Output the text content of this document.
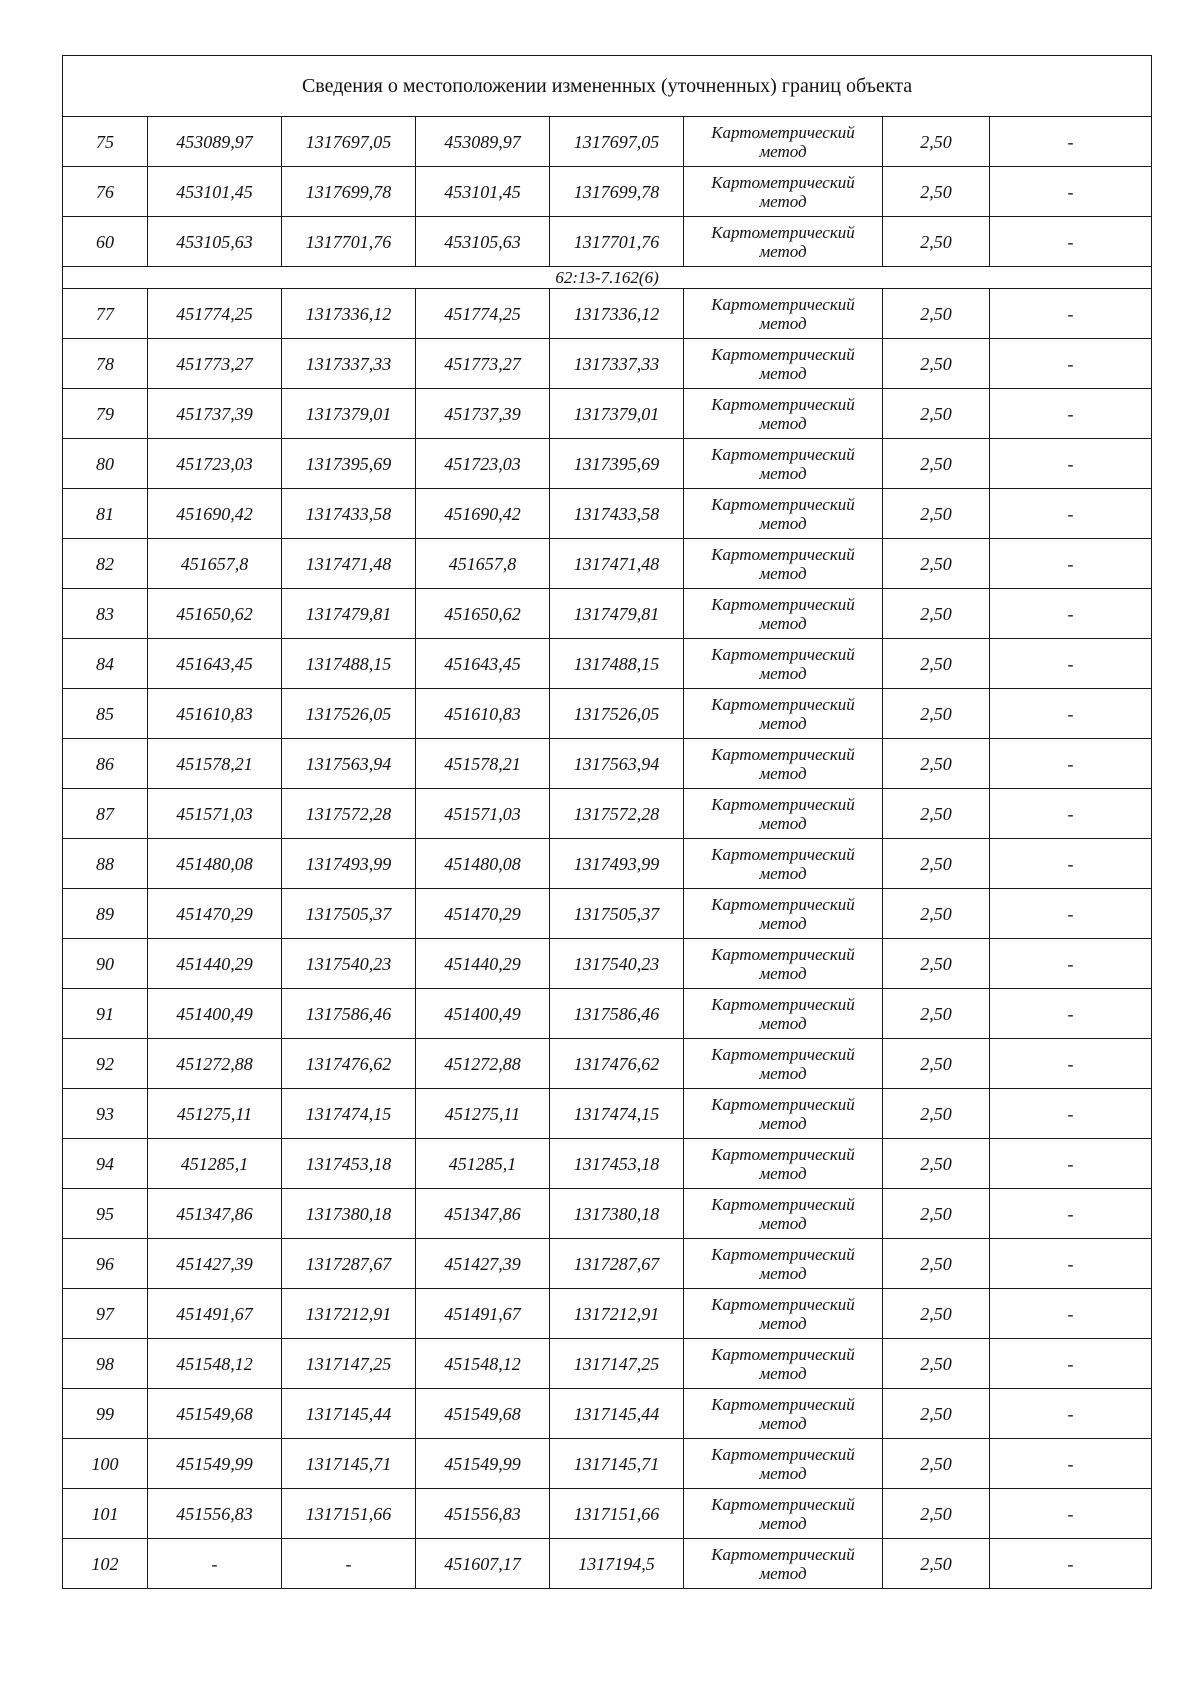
Сведения о местоположении измененных (уточненных) границ объекта							
75	453089,97	1317697,05	453089,97	1317697,05	Картометрический
метод	2,50	-
76	453101,45	1317699,78	453101,45	1317699,78	Картометрический
метод	2,50	-
60	453105,63	1317701,76	453105,63	1317701,76	Картометрический
метод	2,50	-
62:13-7.162(6)							
77	451774,25	1317336,12	451774,25	1317336,12	Картометрический
метод	2,50	-
78	451773,27	1317337,33	451773,27	1317337,33	Картометрический
метод	2,50	-
79	451737,39	1317379,01	451737,39	1317379,01	Картометрический
метод	2,50	-
80	451723,03	1317395,69	451723,03	1317395,69	Картометрический
метод	2,50	-
81	451690,42	1317433,58	451690,42	1317433,58	Картометрический
метод	2,50	-
82	451657,8	1317471,48	451657,8	1317471,48	Картометрический
метод	2,50	-
83	451650,62	1317479,81	451650,62	1317479,81	Картометрический
метод	2,50	-
84	451643,45	1317488,15	451643,45	1317488,15	Картометрический
метод	2,50	-
85	451610,83	1317526,05	451610,83	1317526,05	Картометрический
метод	2,50	-
86	451578,21	1317563,94	451578,21	1317563,94	Картометрический
метод	2,50	-
87	451571,03	1317572,28	451571,03	1317572,28	Картометрический
метод	2,50	-
88	451480,08	1317493,99	451480,08	1317493,99	Картометрический
метод	2,50	-
89	451470,29	1317505,37	451470,29	1317505,37	Картометрический
метод	2,50	-
90	451440,29	1317540,23	451440,29	1317540,23	Картометрический
метод	2,50	-
91	451400,49	1317586,46	451400,49	1317586,46	Картометрический
метод	2,50	-
92	451272,88	1317476,62	451272,88	1317476,62	Картометрический
метод	2,50	-
93	451275,11	1317474,15	451275,11	1317474,15	Картометрический
метод	2,50	-
94	451285,1	1317453,18	451285,1	1317453,18	Картометрический
метод	2,50	-
95	451347,86	1317380,18	451347,86	1317380,18	Картометрический
метод	2,50	-
96	451427,39	1317287,67	451427,39	1317287,67	Картометрический
метод	2,50	-
97	451491,67	1317212,91	451491,67	1317212,91	Картометрический
метод	2,50	-
98	451548,12	1317147,25	451548,12	1317147,25	Картометрический
метод	2,50	-
99	451549,68	1317145,44	451549,68	1317145,44	Картометрический
метод	2,50	-
100	451549,99	1317145,71	451549,99	1317145,71	Картометрический
метод	2,50	-
101	451556,83	1317151,66	451556,83	1317151,66	Картометрический
метод	2,50	-
102	-	-	451607,17	1317194,5	Картометрический
метод	2,50	-
